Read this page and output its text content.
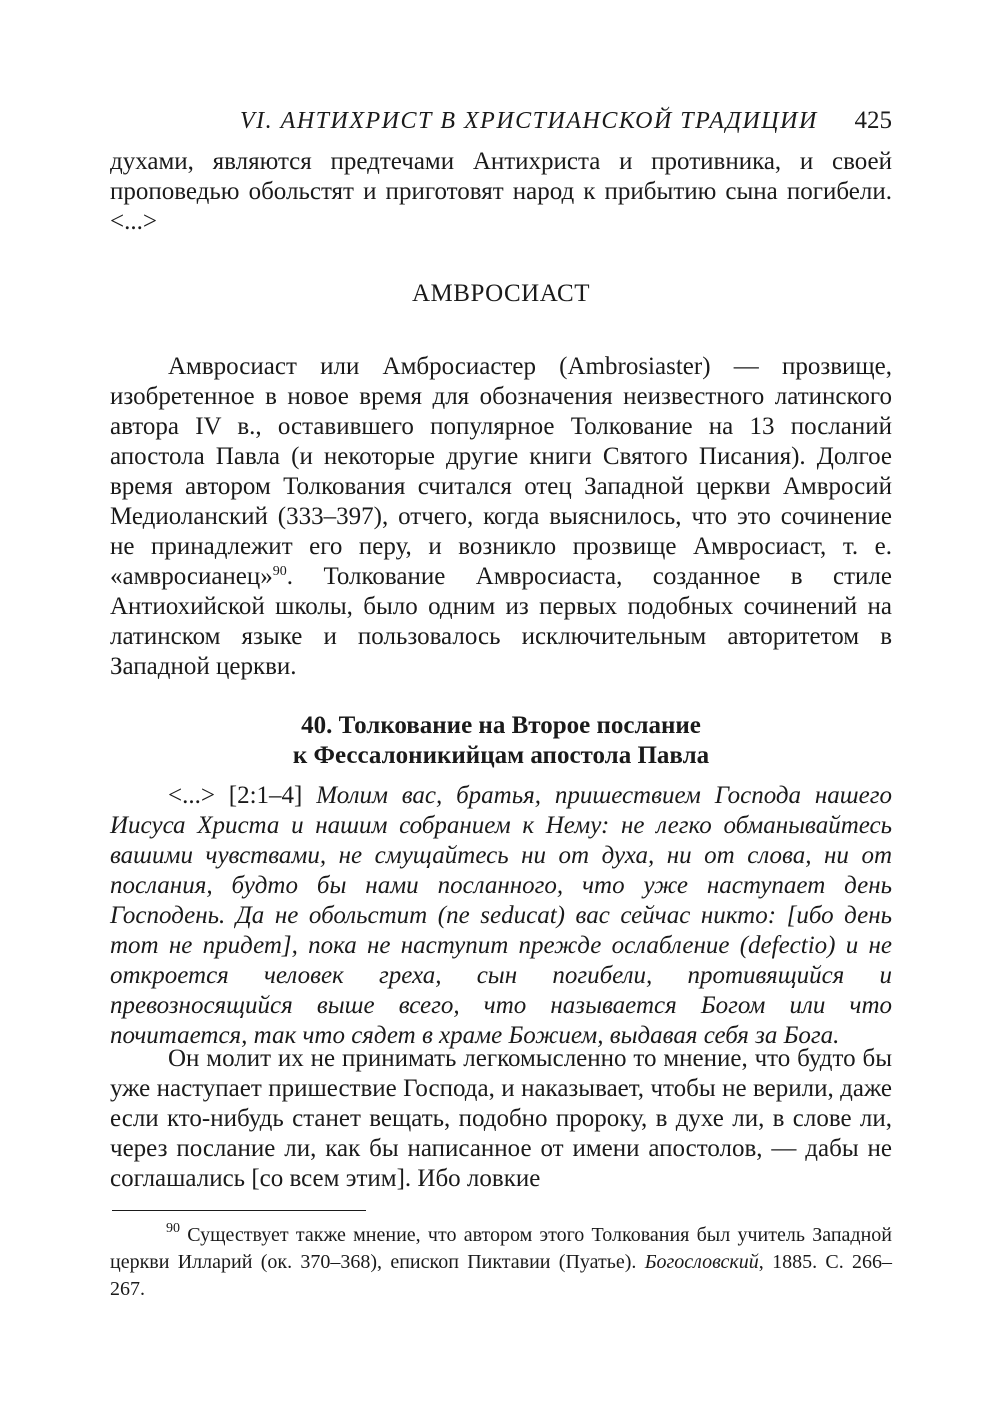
VI. АНТИХРИСТ В ХРИСТИАНСКОЙ ТРАДИЦИИ 425

духами, являются предтечами Антихриста и противника, и своей проповедью обольстят и приготовят народ к прибытию сына погибели. <...>

АМВРОСИАСТ

Амвросиаст или Амбросиастер (Ambrosiaster) — прозвище, изобретенное в новое время для обозначения неизвестного латинского автора IV в., оставившего популярное Толкование на 13 посланий апостола Павла (и некоторые другие книги Святого Писания). Долгое время автором Толкования считался отец Западной церкви Амвросий Медиоланский (333–397), отчего, когда выяснилось, что это сочинение не принадлежит его перу, и возникло прозвище Амвросиаст, т. е. «амвросианец»$^{90}$. Толкование Амвросиаста, созданное в стиле Антиохийской школы, было одним из первых подобных сочинений на латинском языке и пользовалось исключительным авторитетом в Западной церкви.

40. Толкование на Второе послание
к Фессалоникийцам апостола Павла

<...> [2:1–4] Молим вас, братья, пришествием Господа нашего Иисуса Христа и нашим собранием к Нему: не легко обманывайтесь вашими чувствами, не смущайтесь ни от духа, ни от слова, ни от послания, будто бы нами посланного, что уже наступает день Господень. Да не обольстит (ne seducat) вас сейчас никто: [ибо день тот не придет], пока не наступит прежде ослабление (defectio) и не откроется человек греха, сын погибели, противящийся и превозносящийся выше всего, что называется Богом или что почитается, так что сядет в храме Божием, выдавая себя за Бога.

Он молит их не принимать легкомысленно то мнение, что будто бы уже наступает пришествие Господа, и наказывает, чтобы не верили, даже если кто-нибудь станет вещать, подобно пророку, в духе ли, в слове ли, через послание ли, как бы написанное от имени апостолов, — дабы не соглашались [со всем этим]. Ибо ловкие

$^{90}$ Существует также мнение, что автором этого Толкования был учитель Западной церкви Илларий (ок. 370–368), епископ Пиктавии (Пуатье). Богословский, 1885. С. 266–267.
